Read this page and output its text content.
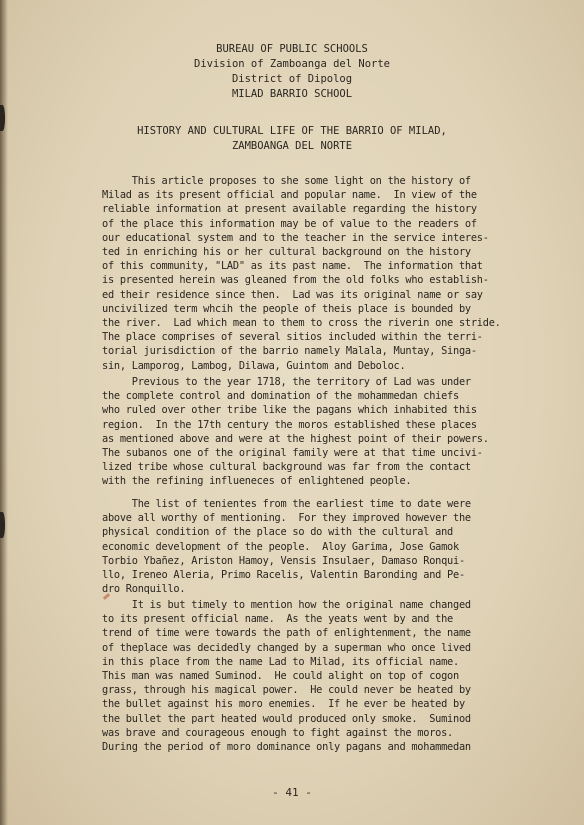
BUREAU OF PUBLIC SCHOOLS
Division of Zamboanga del Norte
District of Dipolog
MILAD BARRIO SCHOOL
HISTORY AND CULTURAL LIFE OF THE BARRIO OF MILAD,
ZAMBOANGA DEL NORTE
This article proposes to she some light on the history of
Milad as its present official and popular name.  In view of the
reliable information at present available regarding the history
of the place this information may be of value to the readers of
our educational system and to the teacher in the service interes-
ted in enriching his or her cultural background on the history
of this community, "LAD" as its past name.  The information that
is presented herein was gleaned from the old folks who establish-
ed their residence since then.  Lad was its original name or say
uncivilized term whcih the people of theis place is bounded by
the river.  Lad which mean to them to cross the riverin one stride.
The place comprises of several sitios included within the terri-
torial jurisdiction of the barrio namely Malala, Muntay, Singa-
sin, Lamporog, Lambog, Dilawa, Guintom and Deboloc.
Previous to the year 1718, the territory of Lad was under
the complete control and domination of the mohammedan chiefs
who ruled over other tribe like the pagans which inhabited this
region.  In the 17th century the moros established these places
as mentioned above and were at the highest point of their powers.
The subanos one of the original family were at that time uncivi-
lized tribe whose cultural background was far from the contact
with the refining influeneces of enlightened people.
The list of tenientes from the earliest time to date were
above all worthy of mentioning.  For they improved however the
physical condition of the place so do with the cultural and
economic development of the people.  Aloy Garima, Jose Gamok
Torbio Ybañez, Ariston Hamoy, Vensis Insulaer, Damaso Ronqui-
llo, Ireneo Aleria, Primo Racelis, Valentin Baronding and Pe-
dro Ronquillo.
It is but timely to mention how the original name changed
to its present official name.  As the yeats went by and the
trend of time were towards the path of enlightenment, the name
of theplace was decidedly changed by a superman who once lived
in this place from the name Lad to Milad, its official name.
This man was named Suminod.  He could alight on top of cogon
grass, through his magical power.  He could never be heated by
the bullet against his moro enemies.  If he ever be heated by
the bullet the part heated would produced only smoke.  Suminod
was brave and courageous enough to fight against the moros.
During the period of moro dominance only pagans and mohammedan
- 41 -
